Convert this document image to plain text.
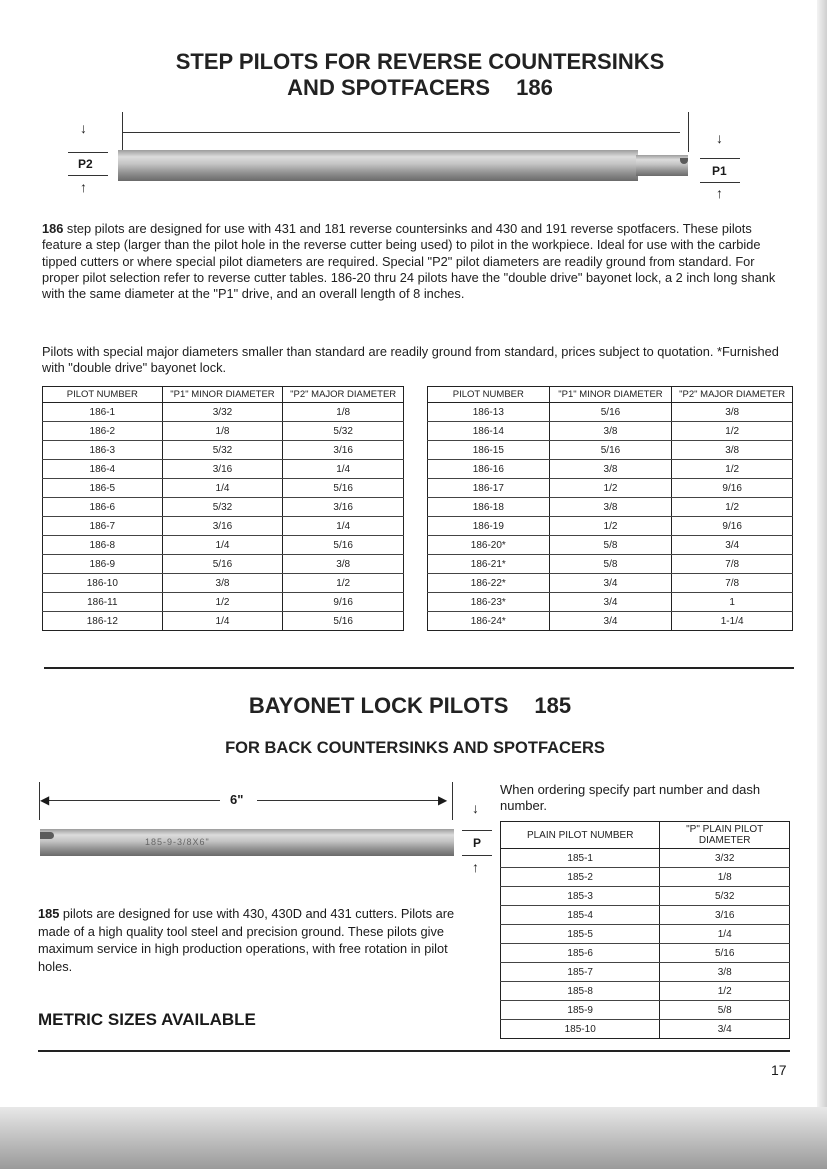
STEP PILOTS FOR REVERSE COUNTERSINKS
AND SPOTFACERS 186
↓
P2
↑
↓
P1
↑
186 step pilots are designed for use with 431 and 181 reverse countersinks and 430 and 191 reverse spotfacers. These pilots feature a step (larger than the pilot hole in the reverse cutter being used) to pilot in the workpiece. Ideal for use with the carbide tipped cutters or where special pilot diameters are required. Special "P2" pilot diameters are readily ground from standard. For proper pilot selection refer to reverse cutter tables. 186-20 thru 24 pilots have the "double drive" bayonet lock, a 2 inch long shank with the same diameter at the "P1" drive, and an overall length of 8 inches.
Pilots with special major diameters smaller than standard are readily ground from standard, prices subject to quotation. *Furnished with "double drive" bayonet lock.
PILOT NUMBER	"P1" MINOR DIAMETER	"P2" MAJOR DIAMETER
186-1	3/32	1/8
186-2	1/8	5/32
186-3	5/32	3/16
186-4	3/16	1/4
186-5	1/4	5/16
186-6	5/32	3/16
186-7	3/16	1/4
186-8	1/4	5/16
186-9	5/16	3/8
186-10	3/8	1/2
186-11	1/2	9/16
186-12	1/4	5/16
PILOT NUMBER	"P1" MINOR DIAMETER	"P2" MAJOR DIAMETER
186-13	5/16	3/8
186-14	3/8	1/2
186-15	5/16	3/8
186-16	3/8	1/2
186-17	1/2	9/16
186-18	3/8	1/2
186-19	1/2	9/16
186-20*	5/8	3/4
186-21*	5/8	7/8
186-22*	3/4	7/8
186-23*	3/4	1
186-24*	3/4	1-1/4
BAYONET LOCK PILOTS 185
FOR BACK COUNTERSINKS AND SPOTFACERS
◀	6"	▶
185-9-3/8X6"
↓
P
↑
When ordering specify part number and dash number.
PLAIN PILOT NUMBER	"P" PLAIN PILOT DIAMETER
185-1	3/32
185-2	1/8
185-3	5/32
185-4	3/16
185-5	1/4
185-6	5/16
185-7	3/8
185-8	1/2
185-9	5/8
185-10	3/4
185 pilots are designed for use with 430, 430D and 431 cutters. Pilots are made of a high quality tool steel and precision ground. These pilots give maximum service in high production operations, with free rotation in pilot holes.
METRIC SIZES AVAILABLE
17
